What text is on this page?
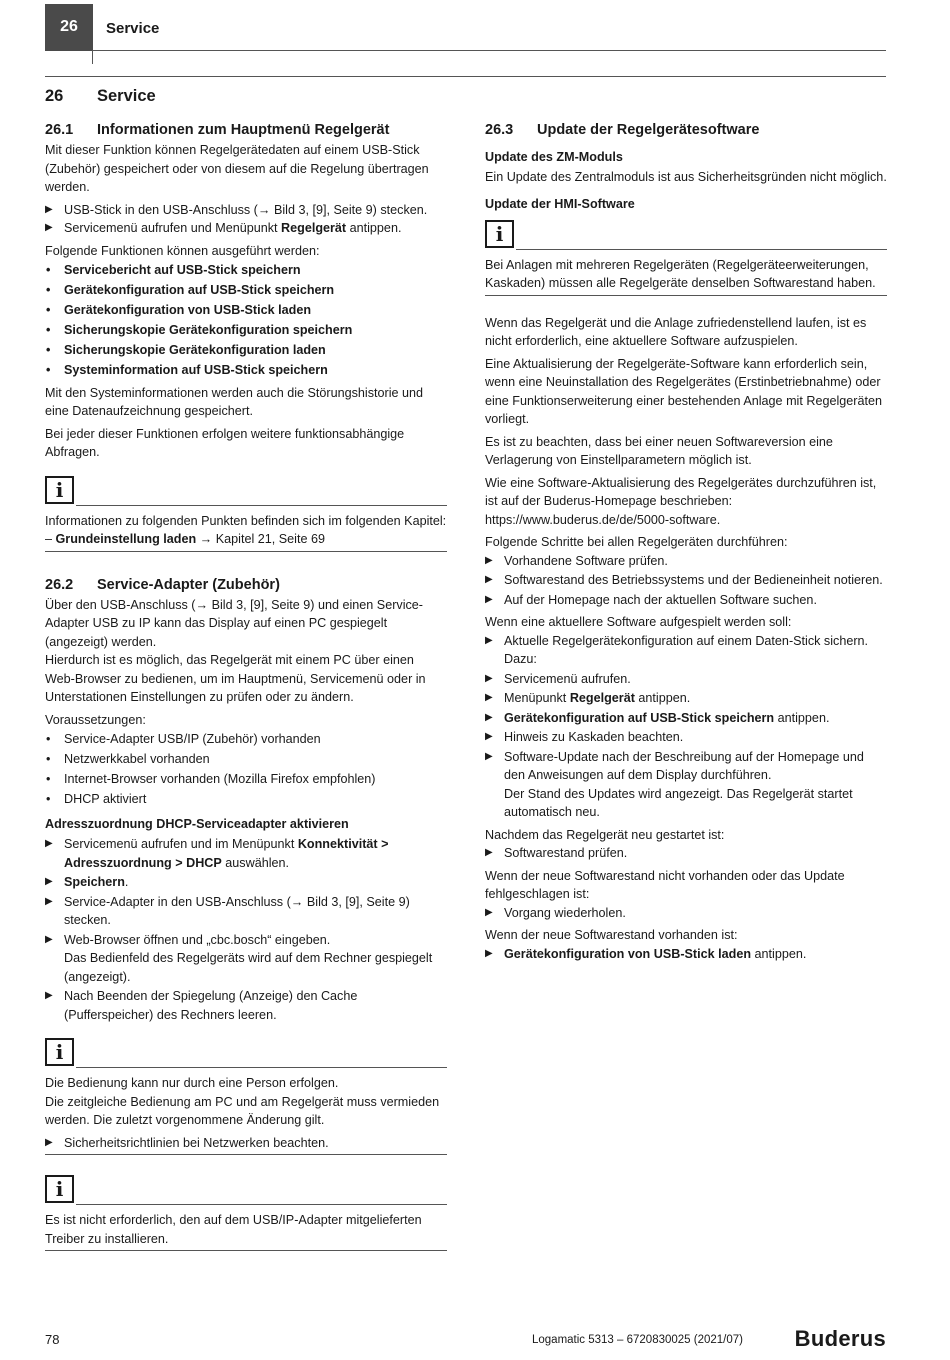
26	Service
26 Service
26.1 Informationen zum Hauptmenü Regelgerät

Mit dieser Funktion können Regelgerätedaten auf einem USB-Stick (Zubehör) gespeichert oder von diesem auf die Regelung übertragen werden.

▶ USB-Stick in den USB-Anschluss (→ Bild 3, [9], Seite 9) stecken.
▶ Servicemenü aufrufen und Menüpunkt Regelgerät antippen.

Folgende Funktionen können ausgeführt werden:

• Servicebericht auf USB-Stick speichern
• Gerätekonfiguration auf USB-Stick speichern
• Gerätekonfiguration von USB-Stick laden
• Sicherungskopie Gerätekonfiguration speichern
• Sicherungskopie Gerätekonfiguration laden
• Systeminformation auf USB-Stick speichern

Mit den Systeminformationen werden auch die Störungshistorie und eine Datenaufzeichnung gespeichert.

Bei jeder dieser Funktionen erfolgen weitere funktionsabhängige Abfragen.

i

Informationen zu folgenden Punkten befinden sich im folgenden Kapitel:

– Grundeinstellung laden → Kapitel 21, Seite 69

26.2 Service-Adapter (Zubehör)

Über den USB-Anschluss (→ Bild 3, [9], Seite 9) und einen Service-Adapter USB zu IP kann das Display auf einen PC gespiegelt (angezeigt) werden.

Hierdurch ist es möglich, das Regelgerät mit einem PC über einen Web-Browser zu bedienen, um im Hauptmenü, Servicemenü oder in Unterstationen Einstellungen zu prüfen oder zu ändern.

Voraussetzungen:

• Service-Adapter USB/IP (Zubehör) vorhanden
• Netzwerkkabel vorhanden
• Internet-Browser vorhanden (Mozilla Firefox empfohlen)
• DHCP aktiviert
Adresszuordnung DHCP-Serviceadapter aktivieren
▶ Servicemenü aufrufen und im Menüpunkt Konnektivität > Adresszuordnung > DHCP auswählen.
▶ Speichern.
▶ Service-Adapter in den USB-Anschluss (→ Bild 3, [9], Seite 9) stecken.
▶ Web-Browser öffnen und „cbc.bosch“ eingeben.
Das Bedienfeld des Regelgeräts wird auf dem Rechner gespiegelt (angezeigt).
▶ Nach Beenden der Spiegelung (Anzeige) den Cache (Pufferspeicher) des Rechners leeren.
i

Die Bedienung kann nur durch eine Person erfolgen.

Die zeitgleiche Bedienung am PC und am Regelgerät muss vermieden werden. Die zuletzt vorgenommene Änderung gilt.

▶ Sicherheitsrichtlinien bei Netzwerken beachten.
i

Es ist nicht erforderlich, den auf dem USB/IP-Adapter mitgelieferten Treiber zu installieren.

26.3 Update der Regelgerätesoftware
Update des ZM-Moduls

Ein Update des Zentralmoduls ist aus Sicherheitsgründen nicht möglich.

Update der HMI-Software
i

Bei Anlagen mit mehreren Regelgeräten (Regelgeräteerweiterungen, Kaskaden) müssen alle Regelgeräte denselben Softwarestand haben.

Wenn das Regelgerät und die Anlage zufriedenstellend laufen, ist es nicht erforderlich, eine aktuellere Software aufzuspielen.

Eine Aktualisierung der Regelgeräte-Software kann erforderlich sein, wenn eine Neuinstallation des Regelgerätes (Erstinbetriebnahme) oder eine Funktionserweiterung einer bestehenden Anlage mit Regelgeräten vorliegt.

Es ist zu beachten, dass bei einer neuen Softwareversion eine Verlagerung von Einstellparametern möglich ist.

Wie eine Software-Aktualisierung des Regelgerätes durchzuführen ist, ist auf der Buderus-Homepage beschrieben: https://www.buderus.de/de/5000-software.

Folgende Schritte bei allen Regelgeräten durchführen:

▶ Vorhandene Software prüfen.
▶ Softwarestand des Betriebssystems und der Bedieneinheit notieren.
▶ Auf der Homepage nach der aktuellen Software suchen.

Wenn eine aktuellere Software aufgespielt werden soll:

▶ Aktuelle Regelgerätekonfiguration auf einem Daten-Stick sichern.
Dazu:
▶ Servicemenü aufrufen.
▶ Menüpunkt Regelgerät antippen.
▶ Gerätekonfiguration auf USB-Stick speichern antippen.
▶ Hinweis zu Kaskaden beachten.
▶ Software-Update nach der Beschreibung auf der Homepage und den Anweisungen auf dem Display durchführen.
Der Stand des Updates wird angezeigt. Das Regelgerät startet automatisch neu.

Nachdem das Regelgerät neu gestartet ist:

▶ Softwarestand prüfen.

Wenn der neue Softwarestand nicht vorhanden oder das Update fehlgeschlagen ist:

▶ Vorgang wiederholen.

Wenn der neue Softwarestand vorhanden ist:

▶ Gerätekonfiguration von USB-Stick laden antippen.
78	Logamatic 5313 – 6720830025 (2021/07) Buderus
